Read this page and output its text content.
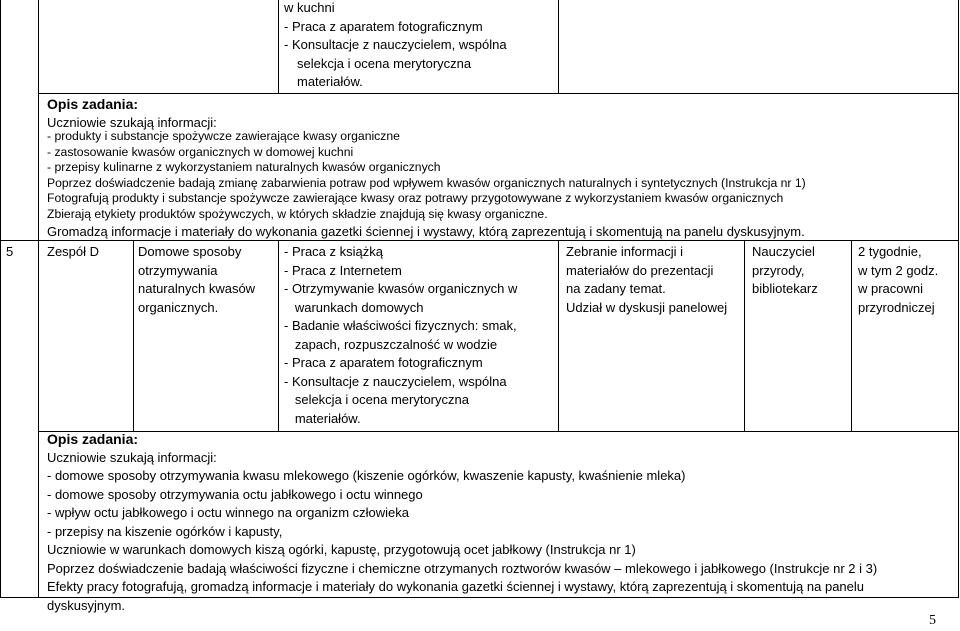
w kuchni
- Praca z aparatem fotograficznym
- Konsultacje z nauczycielem, wspólna
selekcja i ocena merytoryczna
materiałów.
Opis zadania:
Uczniowie szukają informacji:
- produkty i substancje spożywcze zawierające kwasy organiczne
- zastosowanie kwasów organicznych w domowej kuchni
- przepisy kulinarne z wykorzystaniem naturalnych kwasów organicznych
Poprzez doświadczenie badają zmianę zabarwienia potraw pod wpływem kwasów organicznych naturalnych i syntetycznych (Instrukcja nr 1)
Fotografują produkty i substancje spożywcze zawierające kwasy oraz potrawy przygotowywane z wykorzystaniem kwasów organicznych
Zbierają etykiety produktów spożywczych, w których składzie znajdują się kwasy organiczne.
Gromadzą informacje i materiały do wykonania gazetki ściennej i wystawy, którą zaprezentują i skomentują na panelu dyskusyjnym.
5	Zespół D	Domowe sposoby
otrzymywania
naturalnych kwasów
organicznych.
- Praca z książką
- Praca z Internetem
- Otrzymywanie kwasów organicznych w
warunkach domowych
- Badanie właściwości fizycznych: smak,
zapach, rozpuszczalność w wodzie
- Praca z aparatem fotograficznym
- Konsultacje z nauczycielem, wspólna
selekcja i ocena merytoryczna
materiałów.
Zebranie informacji i
materiałów do prezentacji
na zadany temat.
Udział w dyskusji panelowej
Nauczyciel
przyrody,
bibliotekarz
2 tygodnie,
w tym 2 godz.
w pracowni
przyrodniczej
Opis zadania:
Uczniowie szukają informacji:
- domowe sposoby otrzymywania kwasu mlekowego (kiszenie ogórków, kwaszenie kapusty, kwaśnienie mleka)
- domowe sposoby otrzymywania octu jabłkowego i octu winnego
- wpływ octu jabłkowego i octu winnego na organizm człowieka
- przepisy na kiszenie ogórków i kapusty,
Uczniowie w warunkach domowych kiszą ogórki, kapustę, przygotowują ocet jabłkowy (Instrukcja nr 1)
Poprzez doświadczenie badają właściwości fizyczne i chemiczne otrzymanych roztworów kwasów – mlekowego i jabłkowego (Instrukcje nr 2 i 3)
Efekty pracy fotografują, gromadzą informacje i materiały do wykonania gazetki ściennej i wystawy, którą zaprezentują i skomentują na panelu
dyskusyjnym.
5
